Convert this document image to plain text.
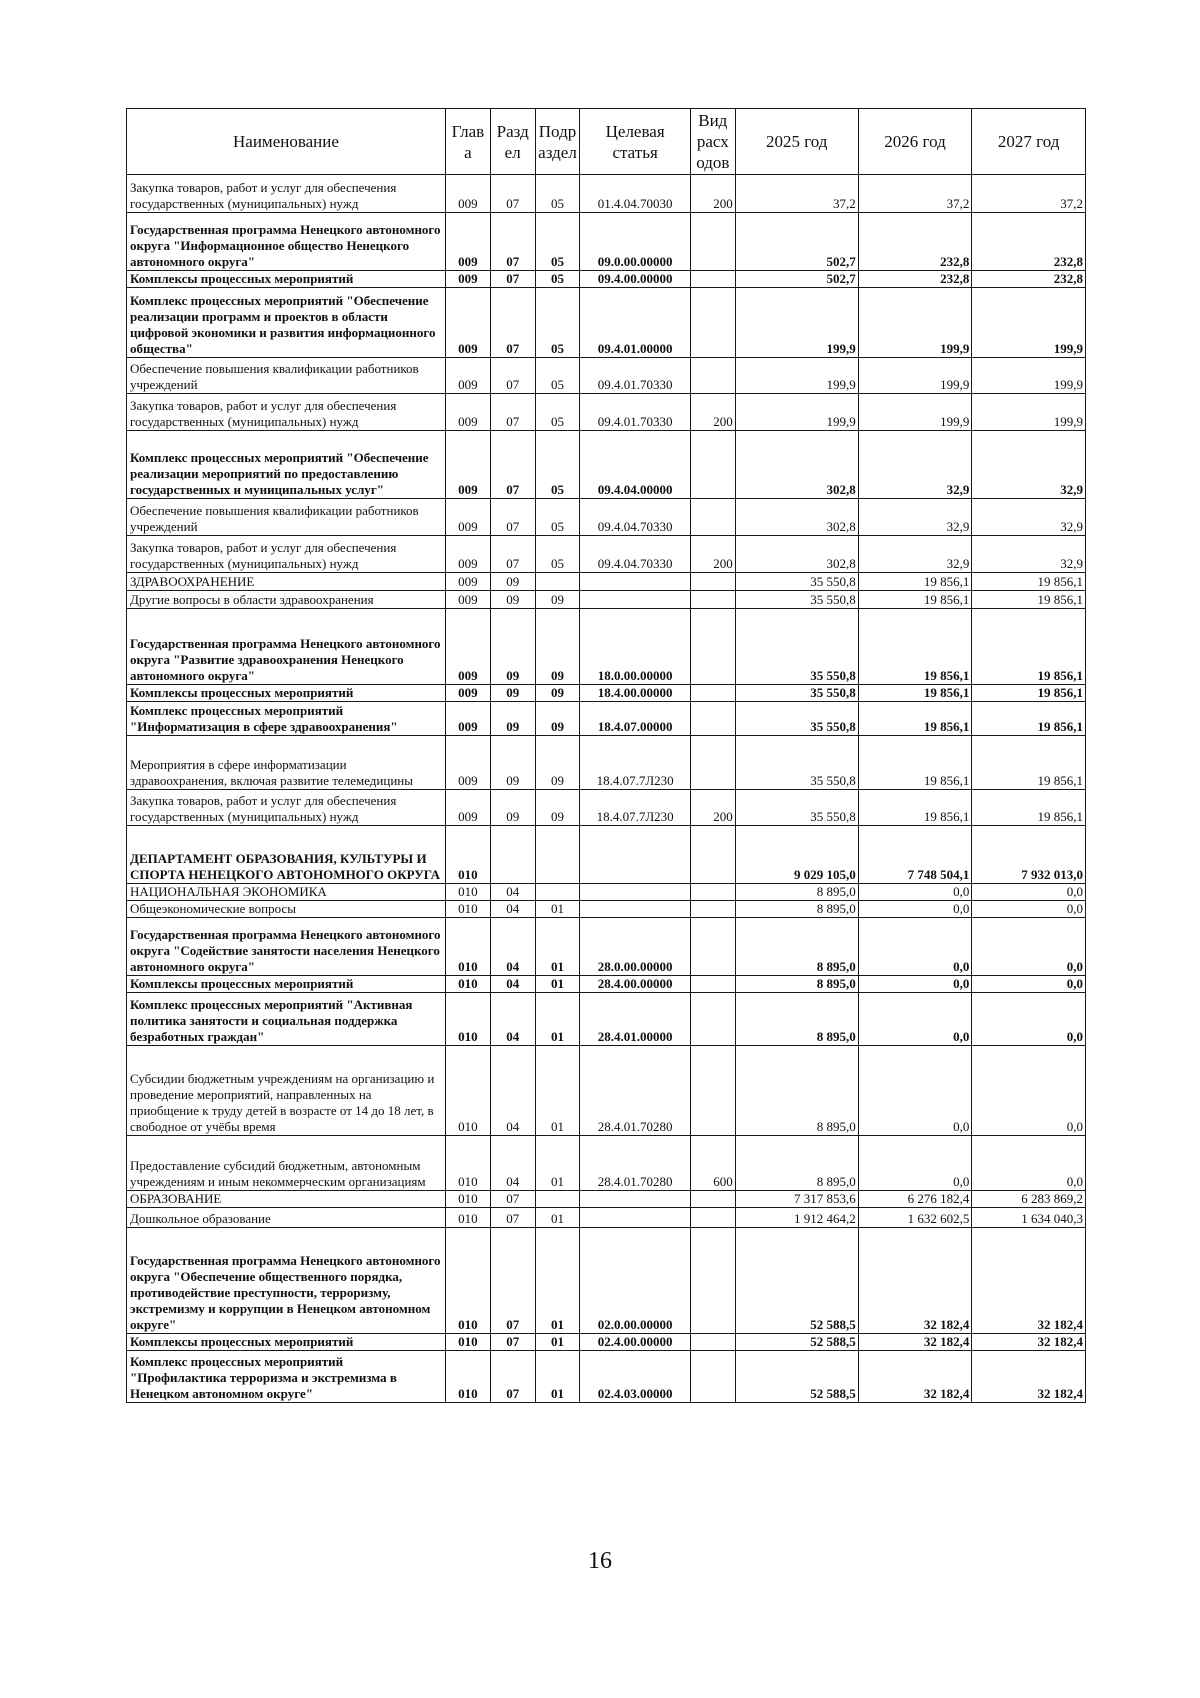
Наименование	Глав а	Разд ел	Подр аздел	Целевая статья	Вид расх одов	2025 год	2026 год	2027 год
Закупка товаров, работ и услуг для обеспечения государственных (муниципальных) нужд	009	07	05	01.4.04.70030	200	37,2	37,2	37,2
Государственная программа Ненецкого автономного округа "Информационное общество Ненецкого автономного округа"	009	07	05	09.0.00.00000		502,7	232,8	232,8
Комплексы процессных мероприятий	009	07	05	09.4.00.00000		502,7	232,8	232,8
Комплекс процессных мероприятий "Обеспечение реализации программ и проектов в области цифровой экономики и развития информационного общества"	009	07	05	09.4.01.00000		199,9	199,9	199,9
Обеспечение повышения квалификации работников учреждений	009	07	05	09.4.01.70330		199,9	199,9	199,9
Закупка товаров, работ и услуг для обеспечения государственных (муниципальных) нужд	009	07	05	09.4.01.70330	200	199,9	199,9	199,9
Комплекс процессных мероприятий "Обеспечение реализации мероприятий по предоставлению государственных и муниципальных услуг"	009	07	05	09.4.04.00000		302,8	32,9	32,9
Обеспечение повышения квалификации работников учреждений	009	07	05	09.4.04.70330		302,8	32,9	32,9
Закупка товаров, работ и услуг для обеспечения государственных (муниципальных) нужд	009	07	05	09.4.04.70330	200	302,8	32,9	32,9
ЗДРАВООХРАНЕНИЕ	009	09				35 550,8	19 856,1	19 856,1
Другие вопросы в области здравоохранения	009	09	09			35 550,8	19 856,1	19 856,1
Государственная программа Ненецкого автономного округа "Развитие здравоохранения Ненецкого автономного округа"	009	09	09	18.0.00.00000		35 550,8	19 856,1	19 856,1
Комплексы процессных мероприятий	009	09	09	18.4.00.00000		35 550,8	19 856,1	19 856,1
Комплекс процессных мероприятий "Информатизация в сфере здравоохранения"	009	09	09	18.4.07.00000		35 550,8	19 856,1	19 856,1
Мероприятия в сфере информатизации здравоохранения, включая развитие телемедицины	009	09	09	18.4.07.7Л230		35 550,8	19 856,1	19 856,1
Закупка товаров, работ и услуг для обеспечения государственных (муниципальных) нужд	009	09	09	18.4.07.7Л230	200	35 550,8	19 856,1	19 856,1
ДЕПАРТАМЕНТ ОБРАЗОВАНИЯ, КУЛЬТУРЫ И СПОРТА НЕНЕЦКОГО АВТОНОМНОГО ОКРУГА	010					9 029 105,0	7 748 504,1	7 932 013,0
НАЦИОНАЛЬНАЯ ЭКОНОМИКА	010	04				8 895,0	0,0	0,0
Общеэкономические вопросы	010	04	01			8 895,0	0,0	0,0
Государственная программа Ненецкого автономного округа "Содействие занятости населения Ненецкого автономного округа"	010	04	01	28.0.00.00000		8 895,0	0,0	0,0
Комплексы процессных мероприятий	010	04	01	28.4.00.00000		8 895,0	0,0	0,0
Комплекс процессных мероприятий "Активная политика занятости и социальная поддержка безработных граждан"	010	04	01	28.4.01.00000		8 895,0	0,0	0,0
Субсидии бюджетным учреждениям на организацию и проведение мероприятий, направленных на приобщение к труду детей в возрасте от 14 до 18 лет, в свободное от учёбы время	010	04	01	28.4.01.70280		8 895,0	0,0	0,0
Предоставление субсидий бюджетным, автономным учреждениям и иным некоммерческим организациям	010	04	01	28.4.01.70280	600	8 895,0	0,0	0,0
ОБРАЗОВАНИЕ	010	07				7 317 853,6	6 276 182,4	6 283 869,2
Дошкольное образование	010	07	01			1 912 464,2	1 632 602,5	1 634 040,3
Государственная программа Ненецкого автономного округа "Обеспечение общественного порядка, противодействие преступности, терроризму, экстремизму и коррупции в Ненецком автономном округе"	010	07	01	02.0.00.00000		52 588,5	32 182,4	32 182,4
Комплексы процессных мероприятий	010	07	01	02.4.00.00000		52 588,5	32 182,4	32 182,4
Комплекс процессных мероприятий "Профилактика терроризма и экстремизма в Ненецком автономном округе"	010	07	01	02.4.03.00000		52 588,5	32 182,4	32 182,4
16
